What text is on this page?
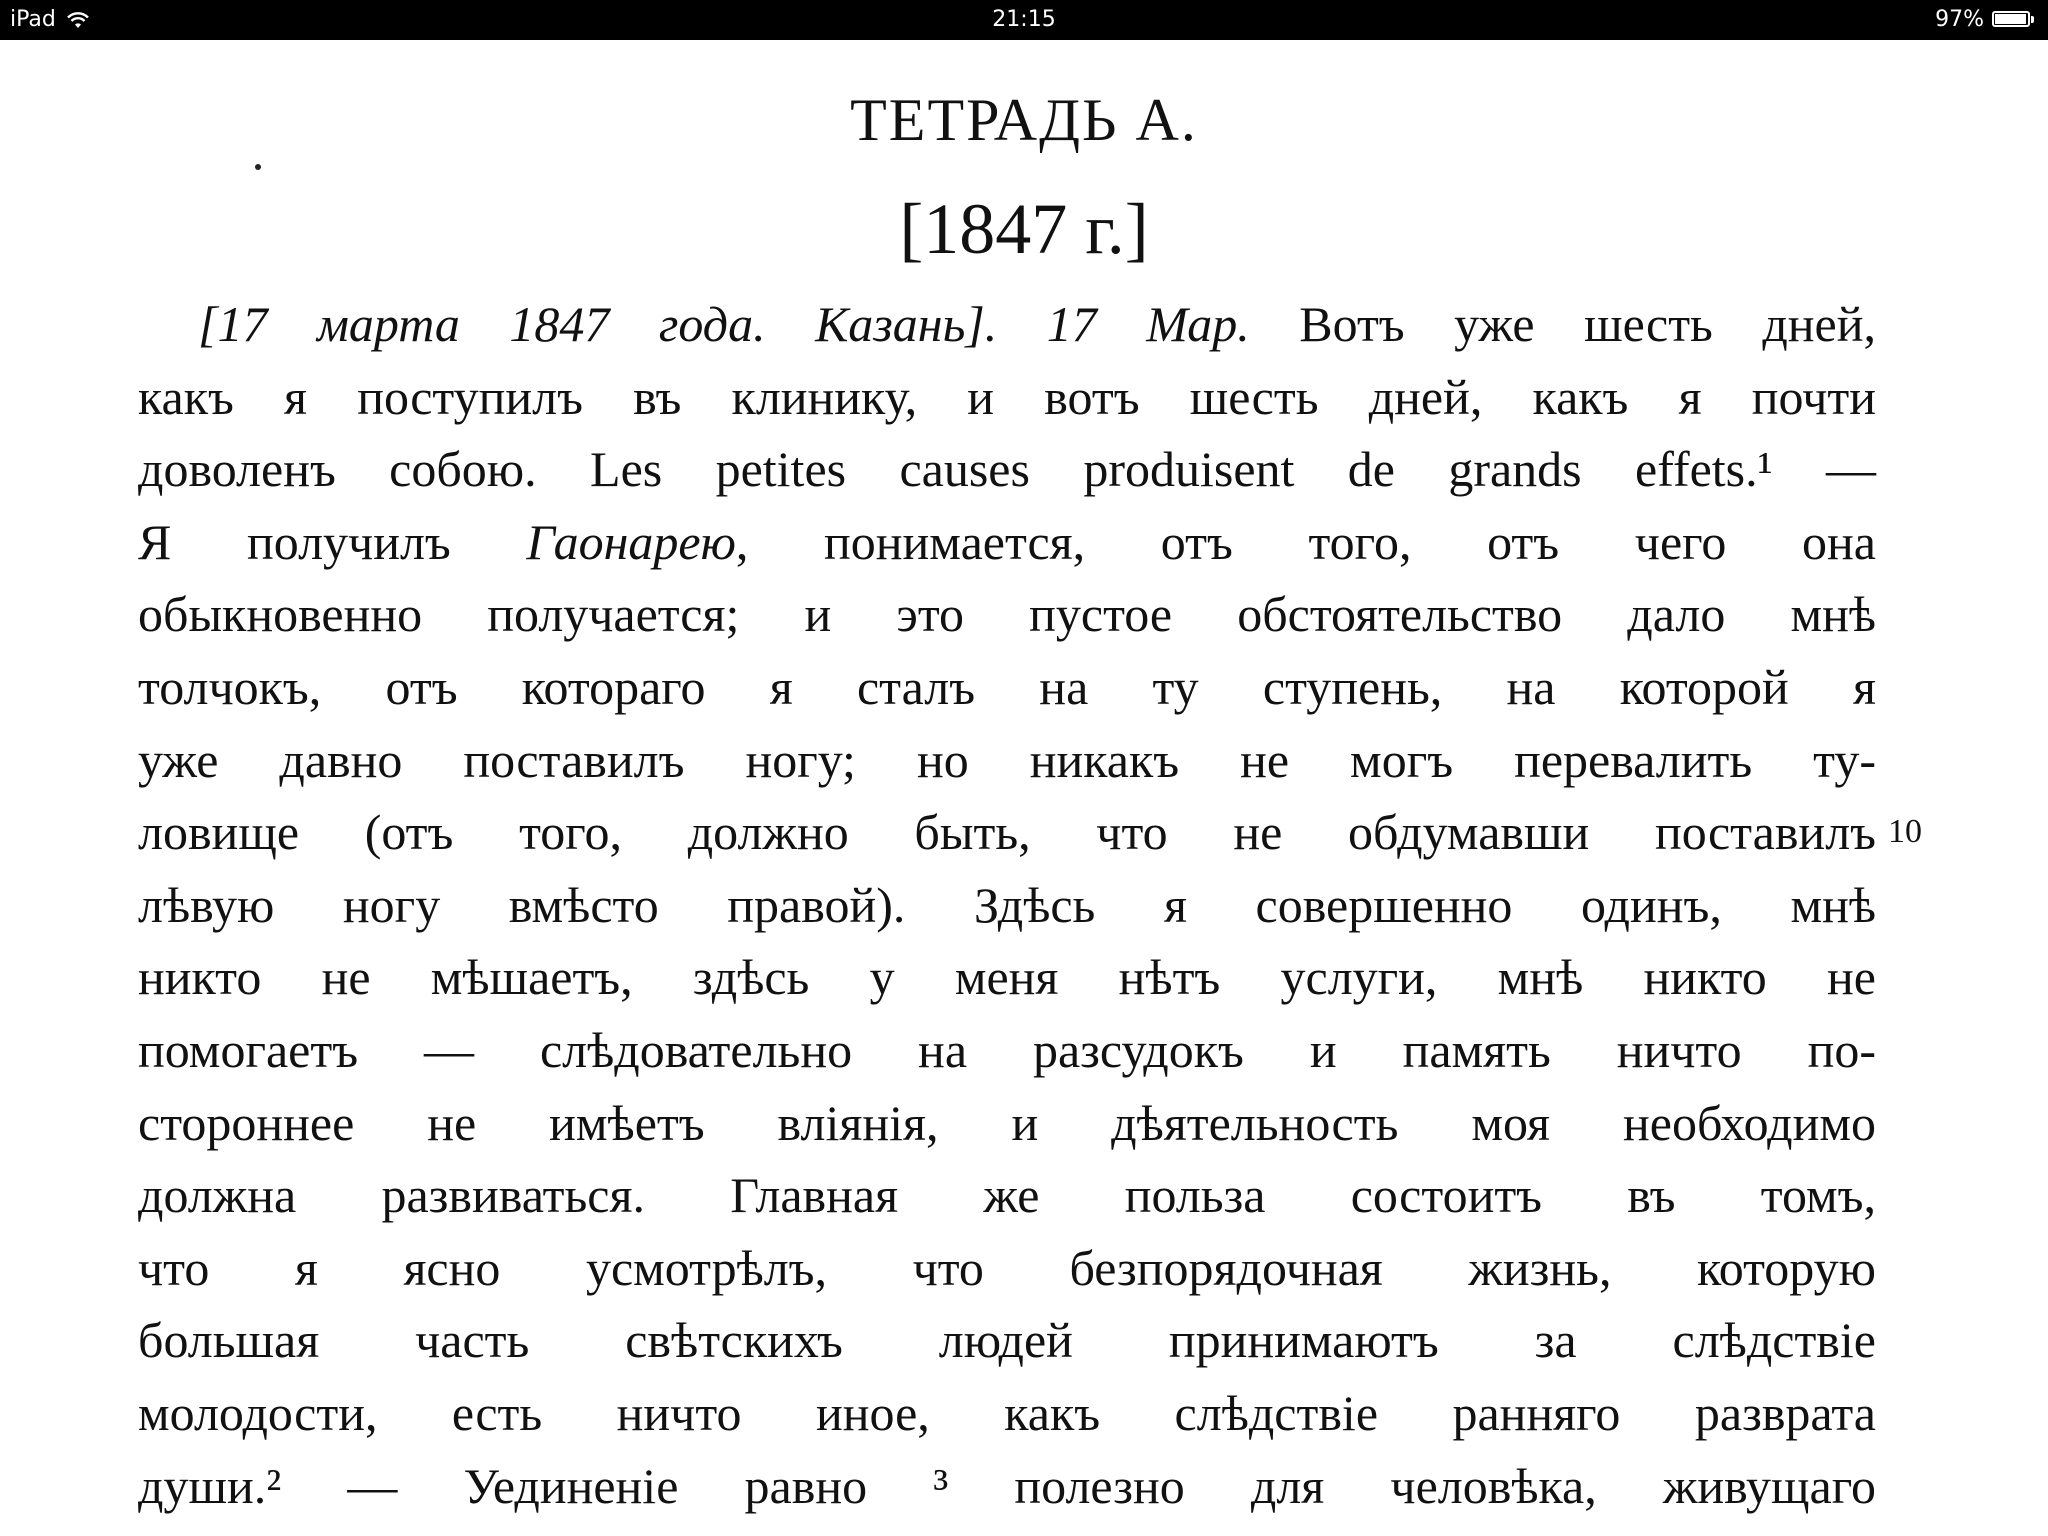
iPad	21:15	97%
ТЕТРАДЬ А.
[1847 г.]
[17 марта 1847 года. Казань]. 17 Мар. Вотъ уже шесть дней,
какъ я поступилъ въ клинику, и вотъ шесть дней, какъ я почти
доволенъ собою. Les petites causes produisent de grands effets.¹ —
Я получилъ Гаонарею, понимается, отъ того, отъ чего она
обыкновенно получается; и это пустое обстоятельство дало мнѣ
толчокъ, отъ котораго я сталъ на ту ступень, на которой я
уже давно поставилъ ногу; но никакъ не могъ перевалить ту-
ловище (отъ того, должно быть, что не обдумавши поставилъ
лѣвую ногу вмѣсто правой). Здѣсь я совершенно одинъ, мнѣ
никто не мѣшаетъ, здѣсь у меня нѣтъ услуги, мнѣ никто не
помогаетъ — слѣдовательно на разсудокъ и память ничто по-
стороннее не имѣетъ вліянія, и дѣятельность моя необходимо
должна развиваться. Главная же польза состоитъ въ томъ,
что я ясно усмотрѣлъ, что безпорядочная жизнь, которую
большая часть свѣтскихъ людей принимаютъ за слѣдствіе
молодости, есть ничто иное, какъ слѣдствіе ранняго разврата
души.² — Уединеніе равно ³ полезно для человѣка, живущаго
10
